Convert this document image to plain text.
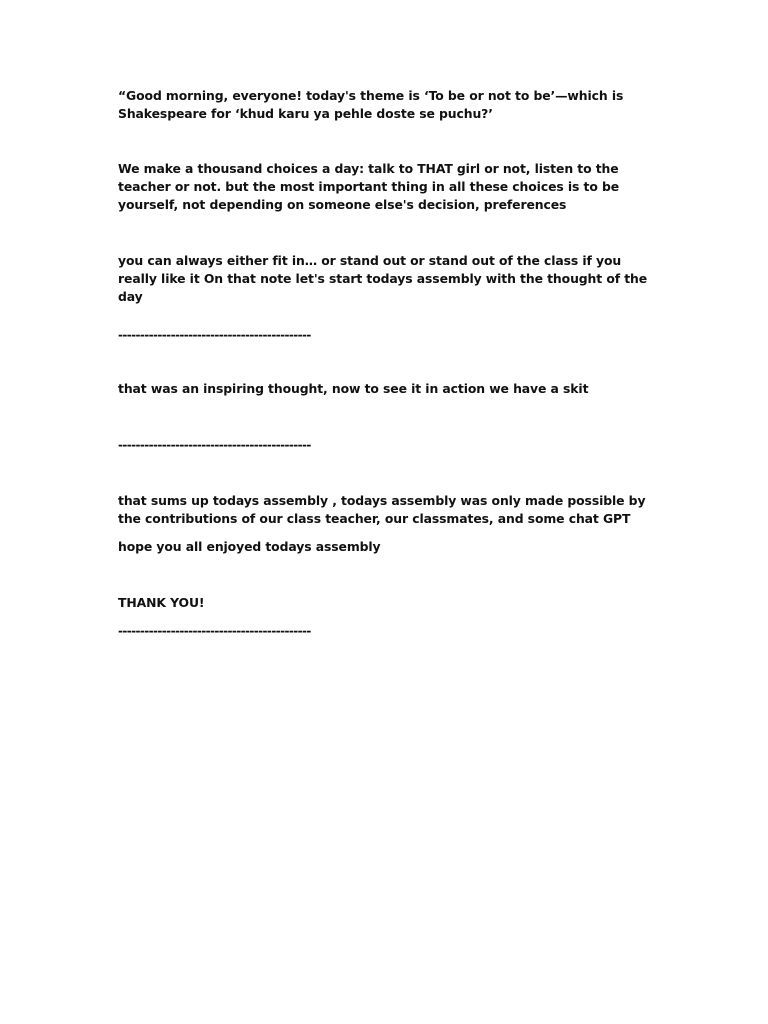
“Good morning, everyone! today's theme is ‘To be or not to be’—which is Shakespeare for ‘khud karu ya pehle doste se puchu?’
We make a thousand choices a day: talk to THAT girl or not, listen to the teacher or not. but the most important thing in all these choices is to be yourself, not depending on someone else's decision, preferences
you can always either fit in… or stand out or stand out of the class if you really like it On that note let's start todays assembly with the thought of the day
--------------------------------------------
that was an inspiring thought, now to see it in action we have a skit
--------------------------------------------
that sums up todays assembly , todays assembly was only made possible by the contributions of our class teacher, our classmates, and some chat GPT
hope you all enjoyed todays assembly
THANK YOU!
--------------------------------------------
